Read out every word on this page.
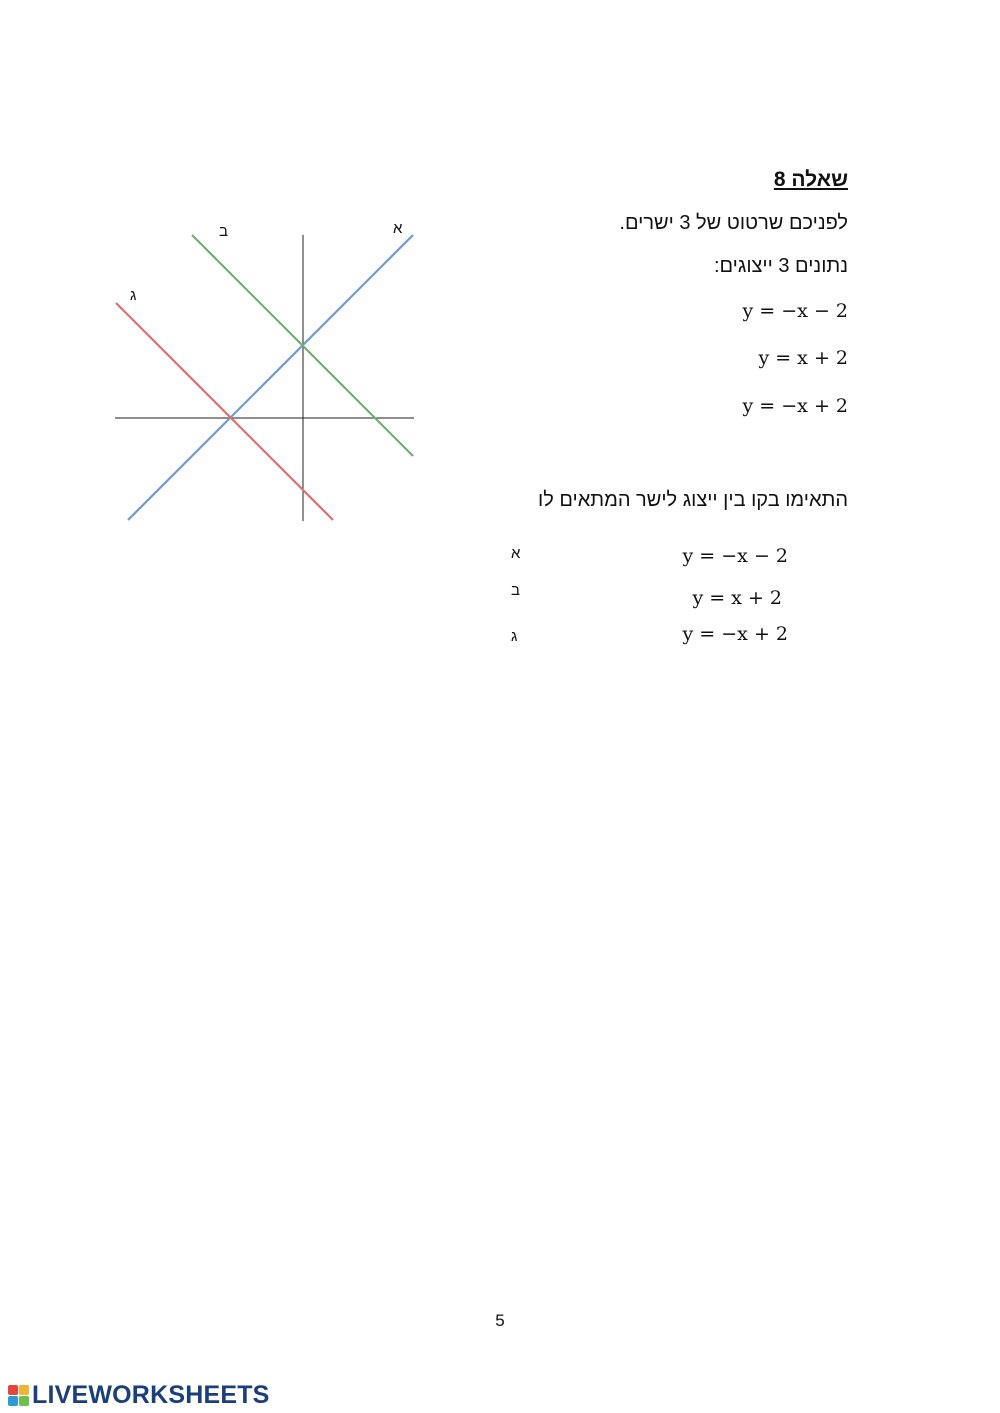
א
ב
ג
שאלה 8
לפניכם שרטוט של 3 ישרים.
נתונים 3 ייצוגים:
y = −x − 2
y = x + 2
y = −x + 2
התאימו בקו בין ייצוג לישר המתאים לו
y = −x − 2
y = x + 2
y = −x + 2
א
ב
ג
5
LIVEWORKSHEETS
